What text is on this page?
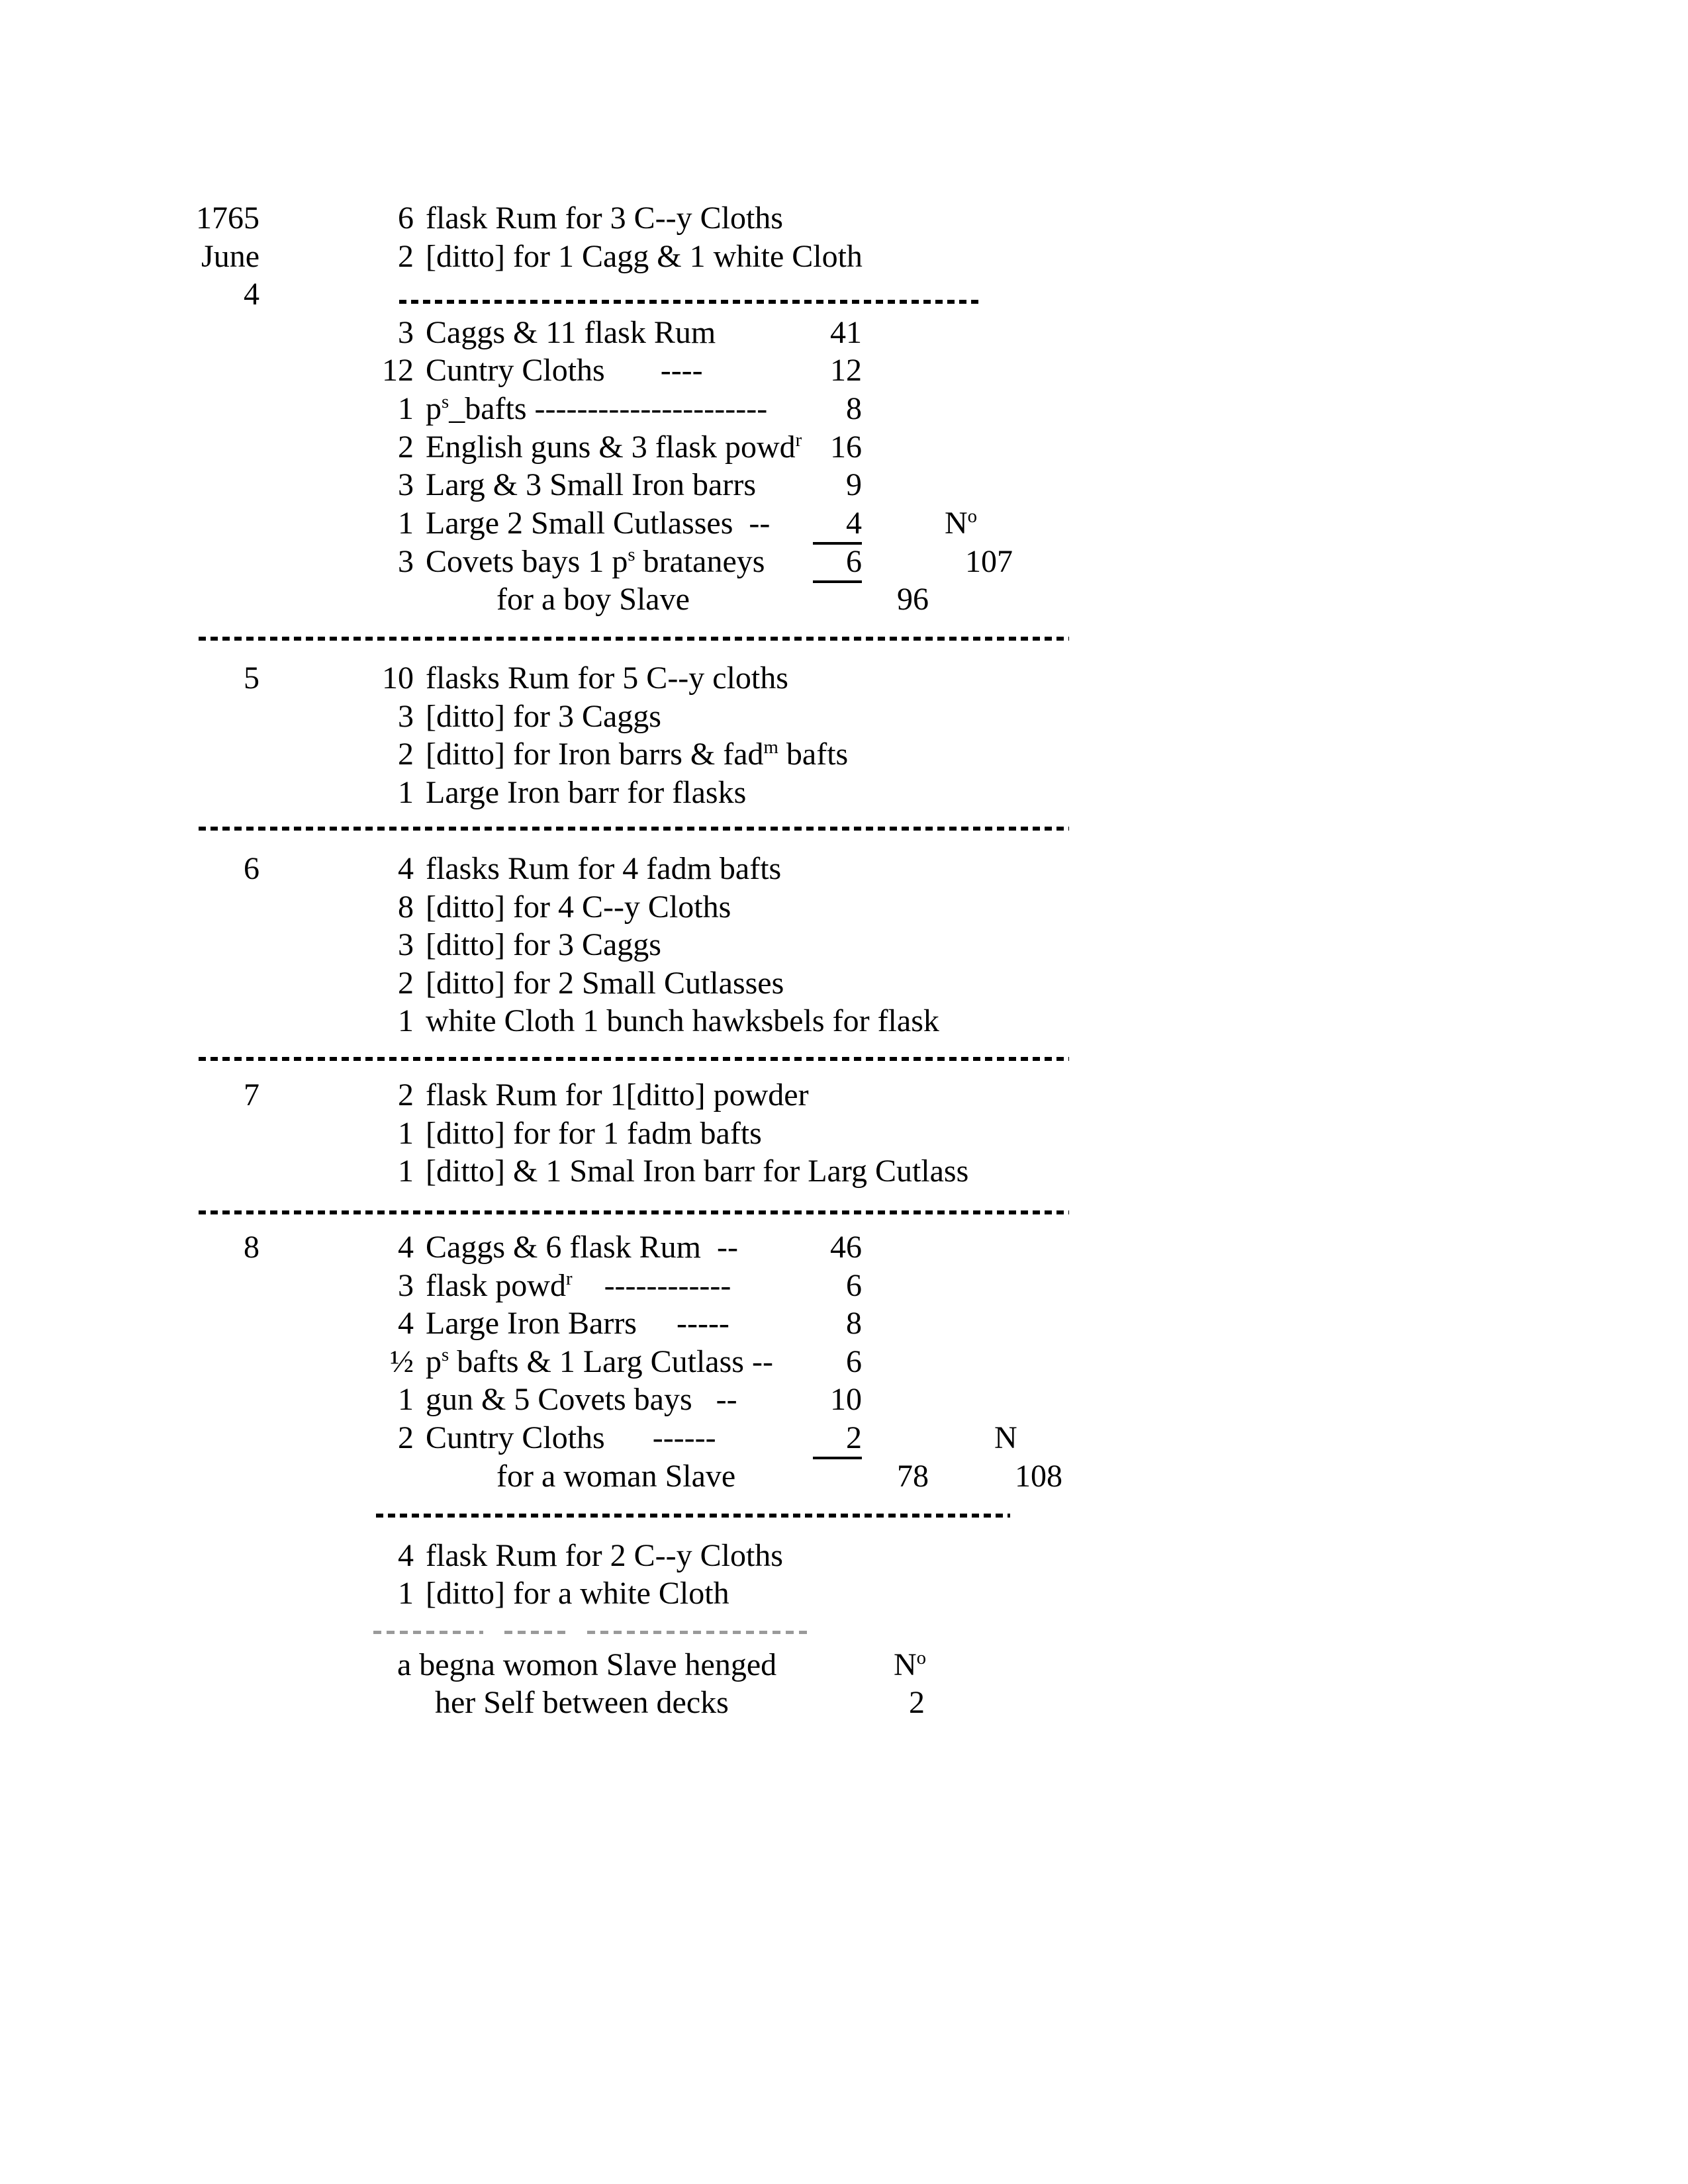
1765	6 flask Rum for 3 C--y Cloths
June	2 [ditto] for 1 Cagg & 1 white Cloth
4
3 Caggs & 11 flask Rum	41
12 Cuntry Cloths       ----	12
1 $p^s\_bafts$ ----------------------	8
2 English guns & 3 flask powd$^r$ 16
3 Larg & 3 Small Iron barrs	9
1 Large 2 Small Cutlasses  --	4	$N^o$
3 Covets bays 1 $p^s$ brataneys	6	107
for a boy Slave	96
5	10 flasks Rum for 5 C--y cloths
3 [ditto] for 3 Caggs
2 [ditto] for Iron barrs & fad$^m$ bafts
1 Large Iron barr for flasks
6	4 flasks Rum for 4 fadm bafts
8 [ditto] for 4 C--y Cloths
3 [ditto] for 3 Caggs
2 [ditto] for 2 Small Cutlasses
1 white Cloth 1 bunch hawksbels for flask
7	2 flask Rum for 1[ditto] powder
1 [ditto] for for 1 fadm bafts
1 [ditto] & 1 Smal Iron barr for Larg Cutlass
8	4 Caggs & 6 flask Rum  --	46
3 flask powd$^r$    ------------	6
4 Large Iron Barrs     -----	8
½ $p^s$ bafts & 1 Larg Cutlass --	6
1 gun & 5 Covets bays   --	10
2 Cuntry Cloths      ------	2	N
for a woman Slave	78	108
4 flask Rum for 2 C--y Cloths
1 [ditto] for a white Cloth
a begna womon Slave henged	$N^o$
her Self between decks	2
